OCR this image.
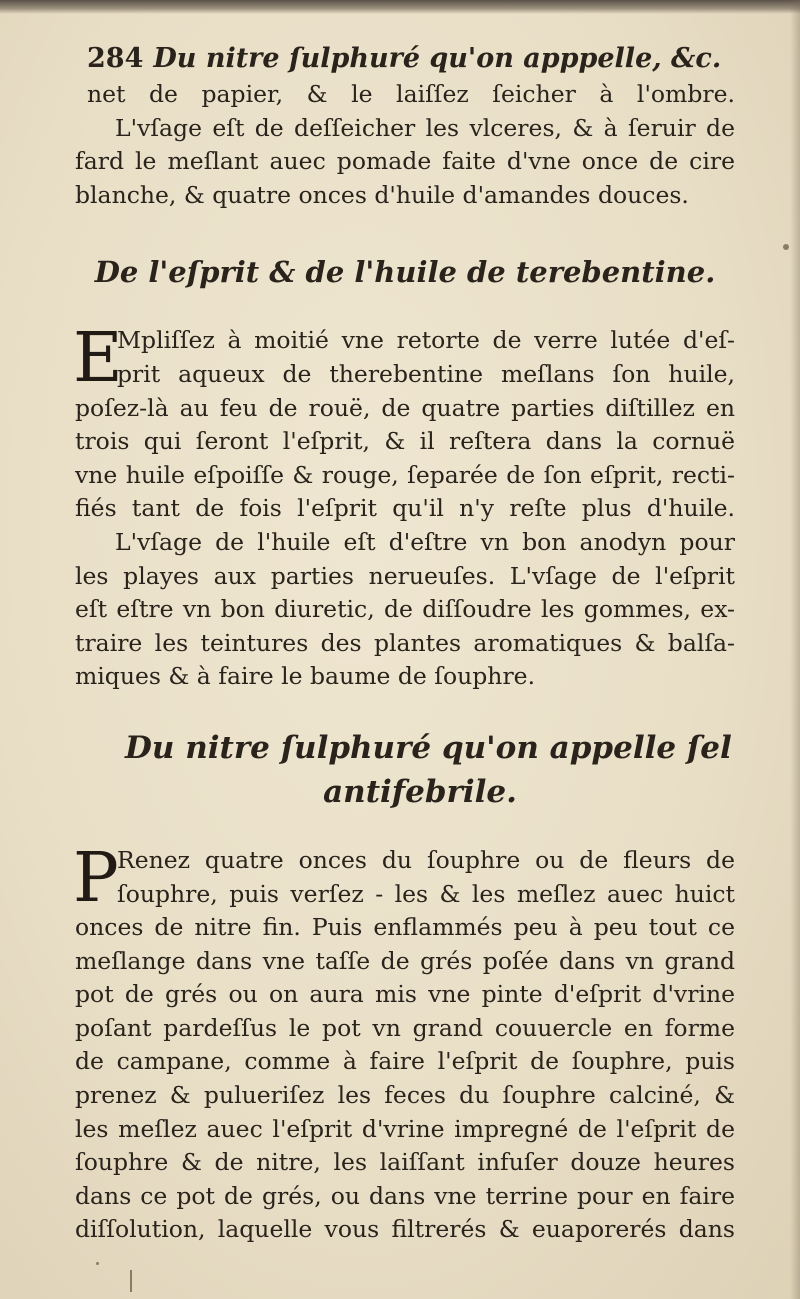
284 Du nitre ſulphuré qu'on apppelle, &c.
net de papier, & le laiſſez ſeicher à l'ombre.
L'vſage eſt de deſſeicher les vlceres, & à ſeruir de
fard le meſlant auec pomade faite d'vne once de cire
blanche, & quatre onces d'huile d'amandes douces.
De l'eſprit & de l'huile de terebentine.
E
Mpliſſez à moitié vne retorte de verre lutée d'eſ-
prit aqueux de therebentine meſlans ſon huile,
poſez-là au feu de rouë, de quatre parties diſtillez en
trois qui ſeront l'eſprit, & il reſtera dans la cornuë
vne huile eſpoiſſe & rouge, ſeparée de ſon eſprit, recti-
fiés tant de fois l'eſprit qu'il n'y reſte plus d'huile.
L'vſage de l'huile eſt d'eſtre vn bon anodyn pour
les playes aux parties nerueuſes. L'vſage de l'eſprit
eſt eſtre vn bon diuretic, de diſſoudre les gommes, ex-
traire les teintures des plantes aromatiques & balſa-
miques & à faire le baume de ſouphre.
Du nitre ſulphuré qu'on appelle ſel
antifebrile.
P
Renez quatre onces du ſouphre ou de fleurs de
ſouphre, puis verſez - les & les meſlez auec huict
onces de nitre fin. Puis enflammés peu à peu tout ce
meſlange dans vne taſſe de grés poſée dans vn grand
pot de grés ou on aura mis vne pinte d'eſprit d'vrine
poſant pardeſſus le pot vn grand couuercle en forme
de campane, comme à faire l'eſprit de ſouphre, puis
prenez & pulueriſez les feces du ſouphre calciné, &
les meſlez auec l'eſprit d'vrine impregné de l'eſprit de
ſouphre & de nitre, les laiſſant infuſer douze heures
dans ce pot de grés, ou dans vne terrine pour en faire
diſſolution, laquelle vous filtrerés & euaporerés dans
